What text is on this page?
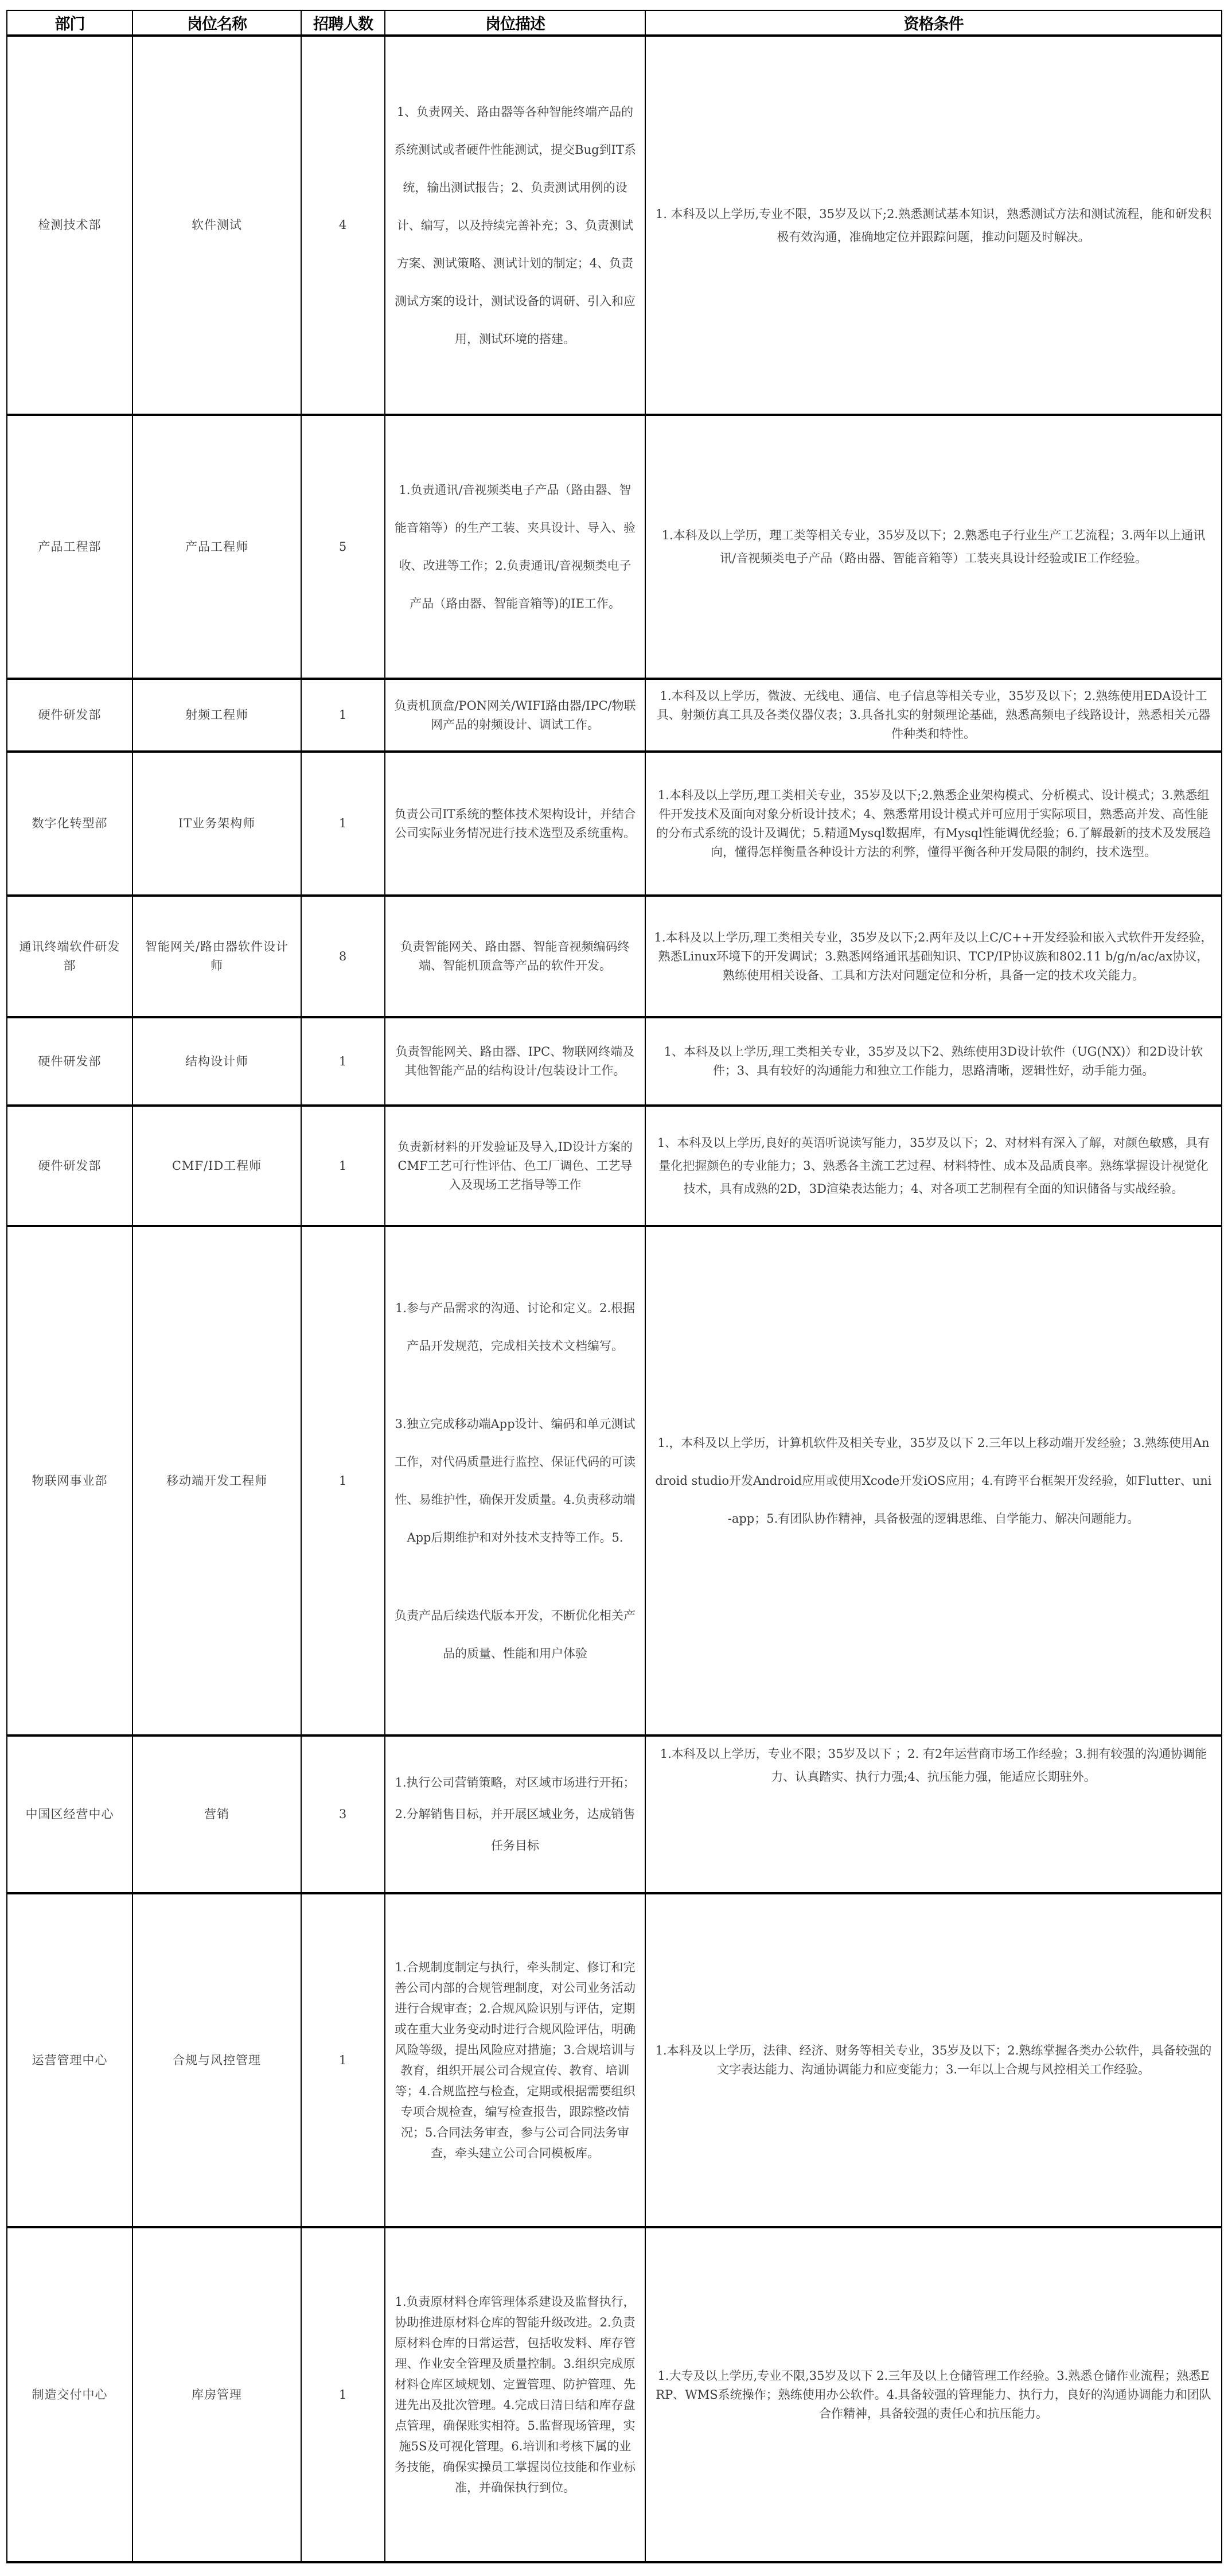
部门	岗位名称	招聘人数	岗位描述	资格条件
检测技术部	软件测试	4	1、负责网关、路由器等各种智能终端产品的系统测试或者硬件性能测试，提交Bug到IT系统，输出测试报告；2、负责测试用例的设计、编写，以及持续完善补充；3、负责测试方案、测试策略、测试计划的制定；4、负责测试方案的设计，测试设备的调研、引入和应用，测试环境的搭建。	1. 本科及以上学历,专业不限，35岁及以下;2.熟悉测试基本知识，熟悉测试方法和测试流程，能和研发积极有效沟通，准确地定位并跟踪问题，推动问题及时解决。
产品工程部	产品工程师	5	1.负责通讯/音视频类电子产品（路由器、智能音箱等）的生产工装、夹具设计、导入、验收、改进等工作；2.负责通讯/音视频类电子产品（路由器、智能音箱等)的IE工作。	1.本科及以上学历，理工类等相关专业，35岁及以下；2.熟悉电子行业生产工艺流程；3.两年以上通讯讯/音视频类电子产品（路由器、智能音箱等）工装夹具设计经验或IE工作经验。
硬件研发部	射频工程师	1	负责机顶盒/PON网关/WIFI路由器/IPC/物联网产品的射频设计、调试工作。	1.本科及以上学历，微波、无线电、通信、电子信息等相关专业，35岁及以下；2.熟练使用EDA设计工具、射频仿真工具及各类仪器仪表；3.具备扎实的射频理论基础，熟悉高频电子线路设计，熟悉相关元器件种类和特性。
数字化转型部	IT业务架构师	1	负责公司IT系统的整体技术架构设计，并结合公司实际业务情况进行技术选型及系统重构。	1.本科及以上学历,理工类相关专业，35岁及以下;2.熟悉企业架构模式、分析模式、设计模式；3.熟悉组件开发技术及面向对象分析设计技术；4、熟悉常用设计模式并可应用于实际项目，熟悉高并发、高性能的分布式系统的设计及调优；5.精通Mysql数据库，有Mysql性能调优经验；6.了解最新的技术及发展趋向，懂得怎样衡量各种设计方法的利弊，懂得平衡各种开发局限的制约，技术选型。
通讯终端软件研发部	智能网关/路由器软件设计师	8	负责智能网关、路由器、智能音视频编码终端、智能机顶盒等产品的软件开发。	1.本科及以上学历,理工类相关专业，35岁及以下;2.两年及以上C/C++开发经验和嵌入式软件开发经验，熟悉Linux环境下的开发调试；3.熟悉网络通讯基础知识、TCP/IP协议族和802.11 b/g/n/ac/ax协议，熟练使用相关设备、工具和方法对问题定位和分析，具备一定的技术攻关能力。
硬件研发部	结构设计师	1	负责智能网关、路由器、IPC、物联网终端及其他智能产品的结构设计/包装设计工作。	1、本科及以上学历,理工类相关专业，35岁及以下2、熟练使用3D设计软件（UG(NX)）和2D设计软件；3、具有较好的沟通能力和独立工作能力，思路清晰，逻辑性好，动手能力强。
硬件研发部	CMF/ID工程师	1	负责新材料的开发验证及导入,ID设计方案的CMF工艺可行性评估、色工厂调色、工艺导入及现场工艺指导等工作	1、本科及以上学历,良好的英语听说读写能力，35岁及以下；2、对材料有深入了解，对颜色敏感，具有量化把握颜色的专业能力；3、熟悉各主流工艺过程、材料特性、成本及品质良率。熟练掌握设计视觉化技术，具有成熟的2D，3D渲染表达能力；4、对各项工艺制程有全面的知识储备与实战经验。
物联网事业部	移动端开发工程师	1	1.参与产品需求的沟通、讨论和定义。2.根据产品开发规范，完成相关技术文档编写。
3.独立完成移动端App设计、编码和单元测试工作，对代码质量进行监控、保证代码的可读性、易维护性，确保开发质量。4.负责移动端App后期维护和对外技术支持等工作。5.
负责产品后续迭代版本开发，不断优化相关产品的质量、性能和用户体验	1.，本科及以上学历，计算机软件及相关专业，35岁及以下 2.三年以上移动端开发经验；3.熟练使用Android studio开发Android应用或使用Xcode开发iOS应用；4.有跨平台框架开发经验，如Flutter、uni-app；5.有团队协作精神，具备极强的逻辑思维、自学能力、解决问题能力。
中国区经营中心	营销	3	1.执行公司营销策略，对区域市场进行开拓；2.分解销售目标，并开展区域业务，达成销售任务目标	1.本科及以上学历，专业不限；35岁及以下 ；2. 有2年运营商市场工作经验；3.拥有较强的沟通协调能力、认真踏实、执行力强;4、抗压能力强，能适应长期驻外。
运营管理中心	合规与风控管理	1	1.合规制度制定与执行，牵头制定、修订和完善公司内部的合规管理制度，对公司业务活动进行合规审查；2.合规风险识别与评估，定期或在重大业务变动时进行合规风险评估，明确风险等级，提出风险应对措施；3.合规培训与教育，组织开展公司合规宣传、教育、培训等；4.合规监控与检查，定期或根据需要组织专项合规检查，编写检查报告，跟踪整改情况；5.合同法务审查，参与公司合同法务审查，牵头建立公司合同模板库。	1.本科及以上学历，法律、经济、财务等相关专业，35岁及以下；2.熟练掌握各类办公软件，具备较强的文字表达能力、沟通协调能力和应变能力；3.一年以上合规与风控相关工作经验。
制造交付中心	库房管理	1	1.负责原材料仓库管理体系建设及监督执行，协助推进原材料仓库的智能升级改进。2.负责原材料仓库的日常运营，包括收发料、库存管理、作业安全管理及质量控制。3.组织完成原材料仓库区域规划、定置管理、防护管理、先进先出及批次管理。4.完成日清日结和库存盘点管理，确保账实相符。5.监督现场管理，实施5S及可视化管理。6.培训和考核下属的业务技能，确保实操员工掌握岗位技能和作业标准，并确保执行到位。	1.大专及以上学历,专业不限,35岁及以下 2.三年及以上仓储管理工作经验。3.熟悉仓储作业流程；熟悉ERP、WMS系统操作；熟练使用办公软件。4.具备较强的管理能力、执行力，良好的沟通协调能力和团队合作精神，具备较强的责任心和抗压能力。
